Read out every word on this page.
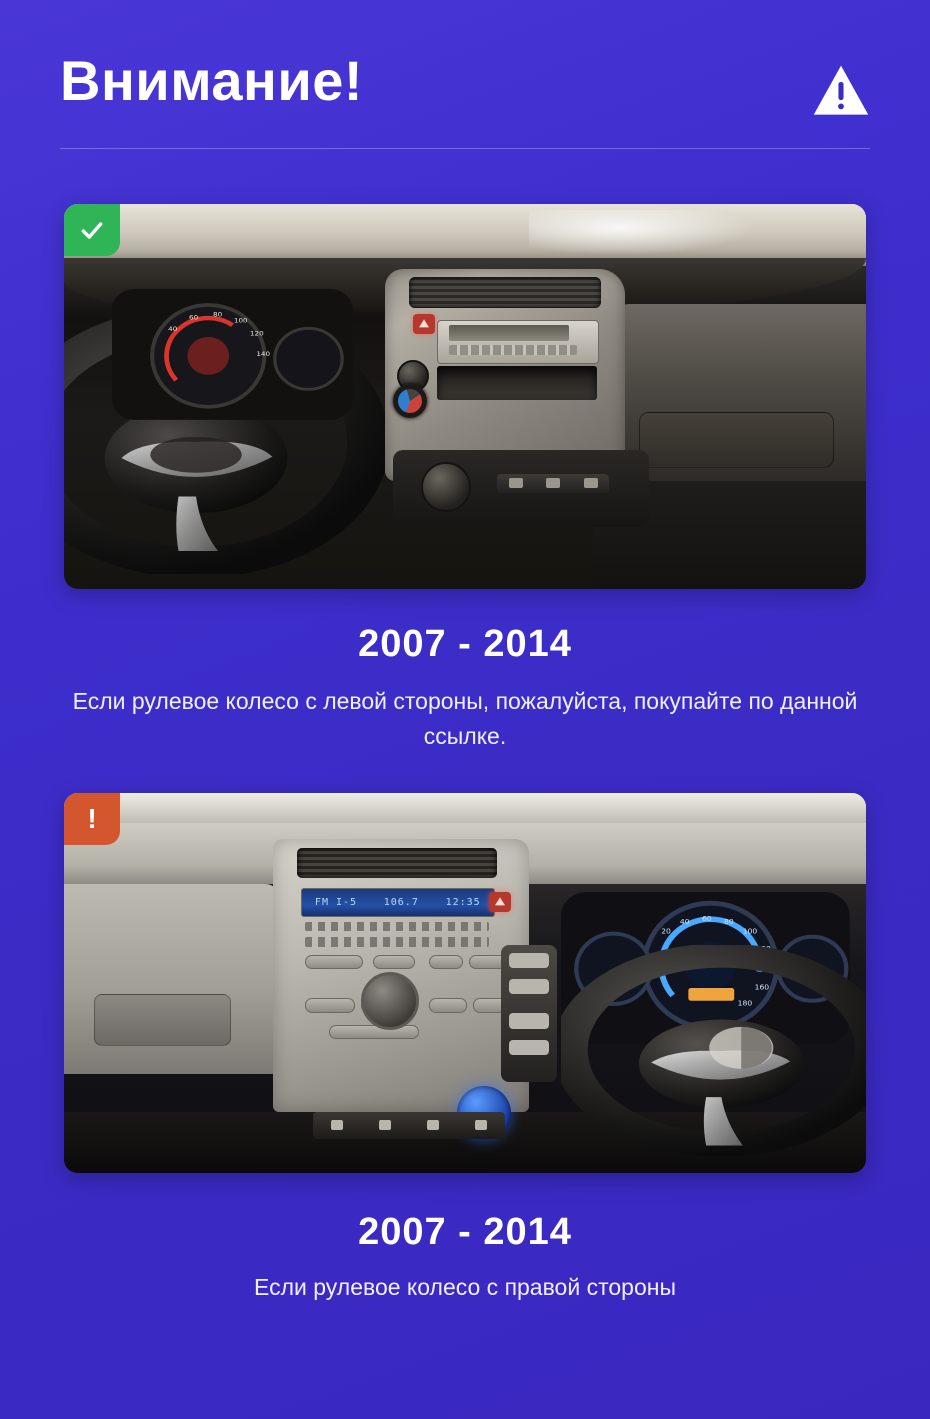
Внимание!
40
60 80
100
120
140
2007 - 2014
Если рулевое колесо с левой стороны, пожалуйста, покупайте по данной ссылке.
!
FM I-5	106.7	12:35
20
40 60 80
100
120
140
160
180
2007 - 2014
Если рулевое колесо с правой стороны
